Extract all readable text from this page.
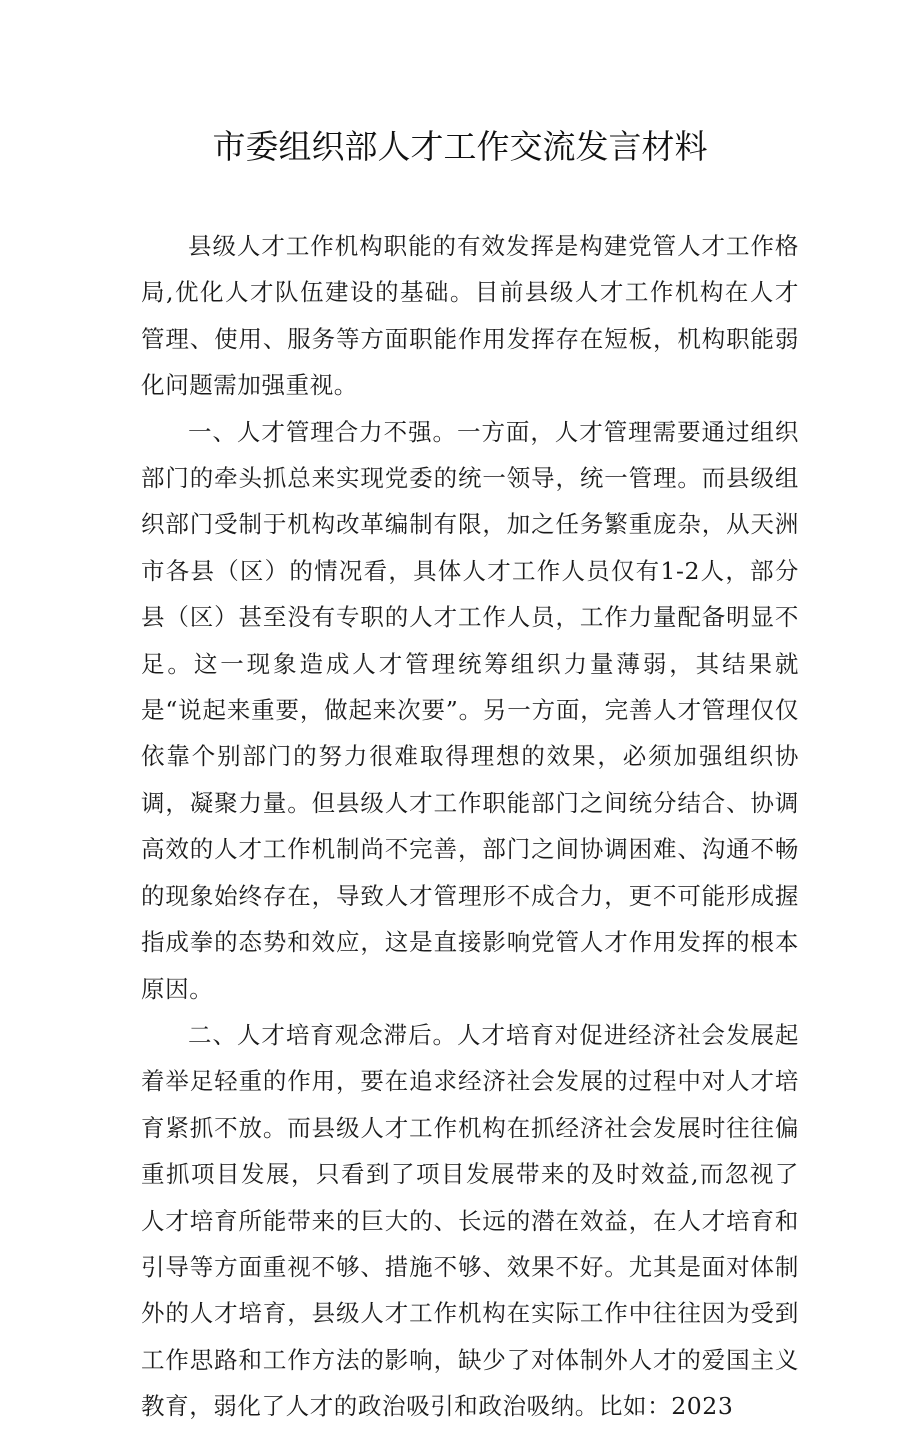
市委组织部人才工作交流发言材料

县级人才工作机构职能的有效发挥是构建党管人才工作格局,优化人才队伍建设的基础。目前县级人才工作机构在人才管理、使用、服务等方面职能作用发挥存在短板，机构职能弱化问题需加强重视。

一、人才管理合力不强。一方面，人才管理需要通过组织部门的牵头抓总来实现党委的统一领导，统一管理。而县级组织部门受制于机构改革编制有限，加之任务繁重庞杂，从天洲市各县（区）的情况看，具体人才工作人员仅有1-2人，部分县（区）甚至没有专职的人才工作人员，工作力量配备明显不足。这一现象造成人才管理统筹组织力量薄弱，其结果就是“说起来重要，做起来次要”。另一方面，完善人才管理仅仅依靠个别部门的努力很难取得理想的效果，必须加强组织协调，凝聚力量。但县级人才工作职能部门之间统分结合、协调高效的人才工作机制尚不完善，部门之间协调困难、沟通不畅的现象始终存在，导致人才管理形不成合力，更不可能形成握指成拳的态势和效应，这是直接影响党管人才作用发挥的根本原因。

二、人才培育观念滞后。人才培育对促进经济社会发展起着举足轻重的作用，要在追求经济社会发展的过程中对人才培育紧抓不放。而县级人才工作机构在抓经济社会发展时往往偏重抓项目发展，只看到了项目发展带来的及时效益,而忽视了人才培育所能带来的巨大的、长远的潜在效益，在人才培育和引导等方面重视不够、措施不够、效果不好。尤其是面对体制外的人才培育，县级人才工作机构在实际工作中往往因为受到工作思路和工作方法的影响，缺少了对体制外人才的爱国主义教育，弱化了人才的政治吸引和政治吸纳。比如：2023
